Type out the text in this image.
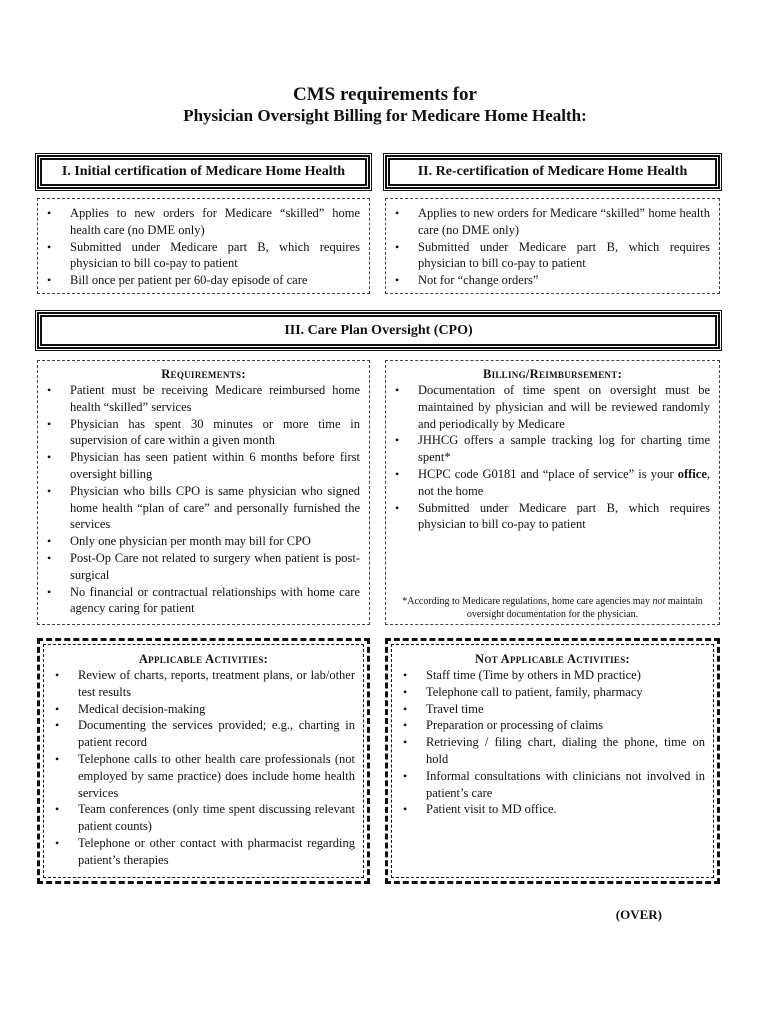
CMS requirements for
Physician Oversight Billing for Medicare Home Health:
I. Initial certification of Medicare Home Health
• Applies to new orders for Medicare “skilled” home health care (no DME only)
• Submitted under Medicare part B, which requires physician to bill co-pay to patient
• Bill once per patient per 60-day episode of care
II. Re-certification of Medicare Home Health
• Applies to new orders for Medicare “skilled” home health care (no DME only)
• Submitted under Medicare part B, which requires physician to bill co-pay to patient
• Not for “change orders”
III. Care Plan Oversight (CPO)
Requirements:
• Patient must be receiving Medicare reimbursed home health “skilled” services
• Physician has spent 30 minutes or more time in supervision of care within a given month
• Physician has seen patient within 6 months before first oversight billing
• Physician who bills CPO is same physician who signed home health “plan of care” and personally furnished the services
• Only one physician per month may bill for CPO
• Post-Op Care not related to surgery when patient is post-surgical
• No financial or contractual relationships with home care agency caring for patient
Billing/Reimbursement:
• Documentation of time spent on oversight must be maintained by physician and will be reviewed randomly and periodically by Medicare
• JHHCG offers a sample tracking log for charting time spent*
• HCPC code G0181 and “place of service” is your office, not the home
• Submitted under Medicare part B, which requires physician to bill co-pay to patient
*According to Medicare regulations, home care agencies may not maintain oversight documentation for the physician.
Applicable Activities:
• Review of charts, reports, treatment plans, or lab/other test results
• Medical decision-making
• Documenting the services provided; e.g., charting in patient record
• Telephone calls to other health care professionals (not employed by same practice) does include home health services
• Team conferences (only time spent discussing relevant patient counts)
• Telephone or other contact with pharmacist regarding patient’s therapies
Not Applicable Activities:
• Staff time (Time by others in MD practice)
• Telephone call to patient, family, pharmacy
• Travel time
• Preparation or processing of claims
• Retrieving / filing chart, dialing the phone, time on hold
• Informal consultations with clinicians not involved in patient’s care
• Patient visit to MD office.
(OVER)
